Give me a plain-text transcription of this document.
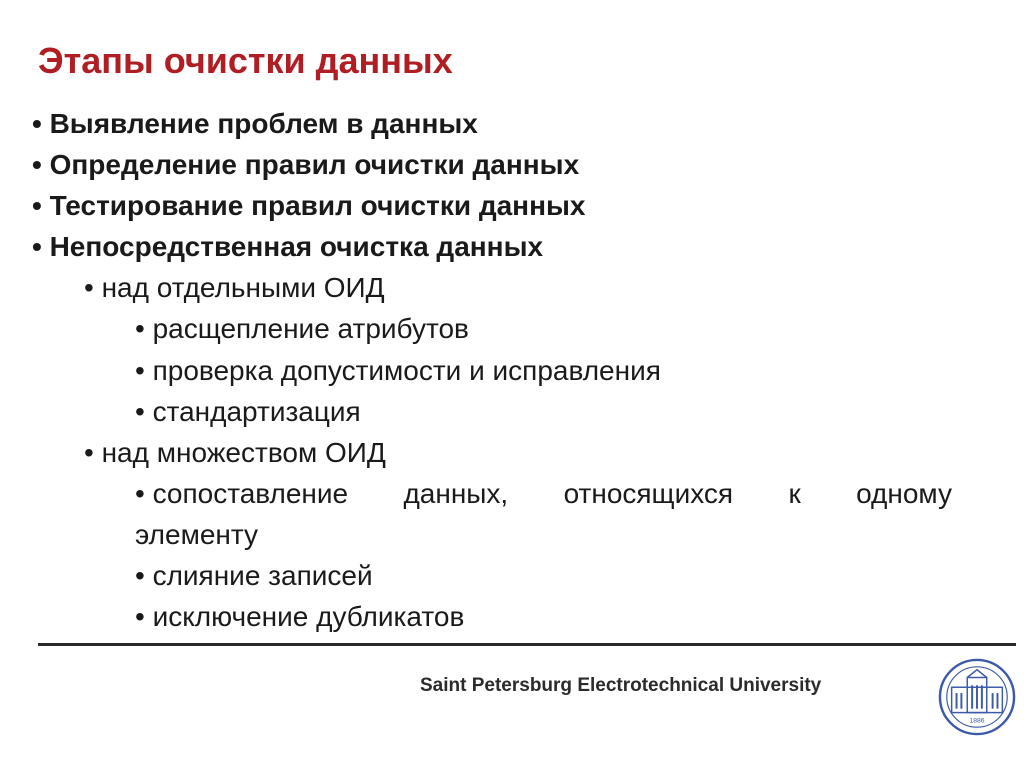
Этапы очистки данных
• Выявление проблем в данных
• Определение правил очистки данных
• Тестирование правил очистки данных
• Непосредственная очистка данных
• над отдельными ОИД
• расщепление атрибутов
• проверка допустимости и исправления
• стандартизация
• над множеством ОИД
• сопоставление данных, относящихся к одному
элементу
• слияние записей
• исключение дубликатов
Saint Petersburg Electrotechnical University
1886
